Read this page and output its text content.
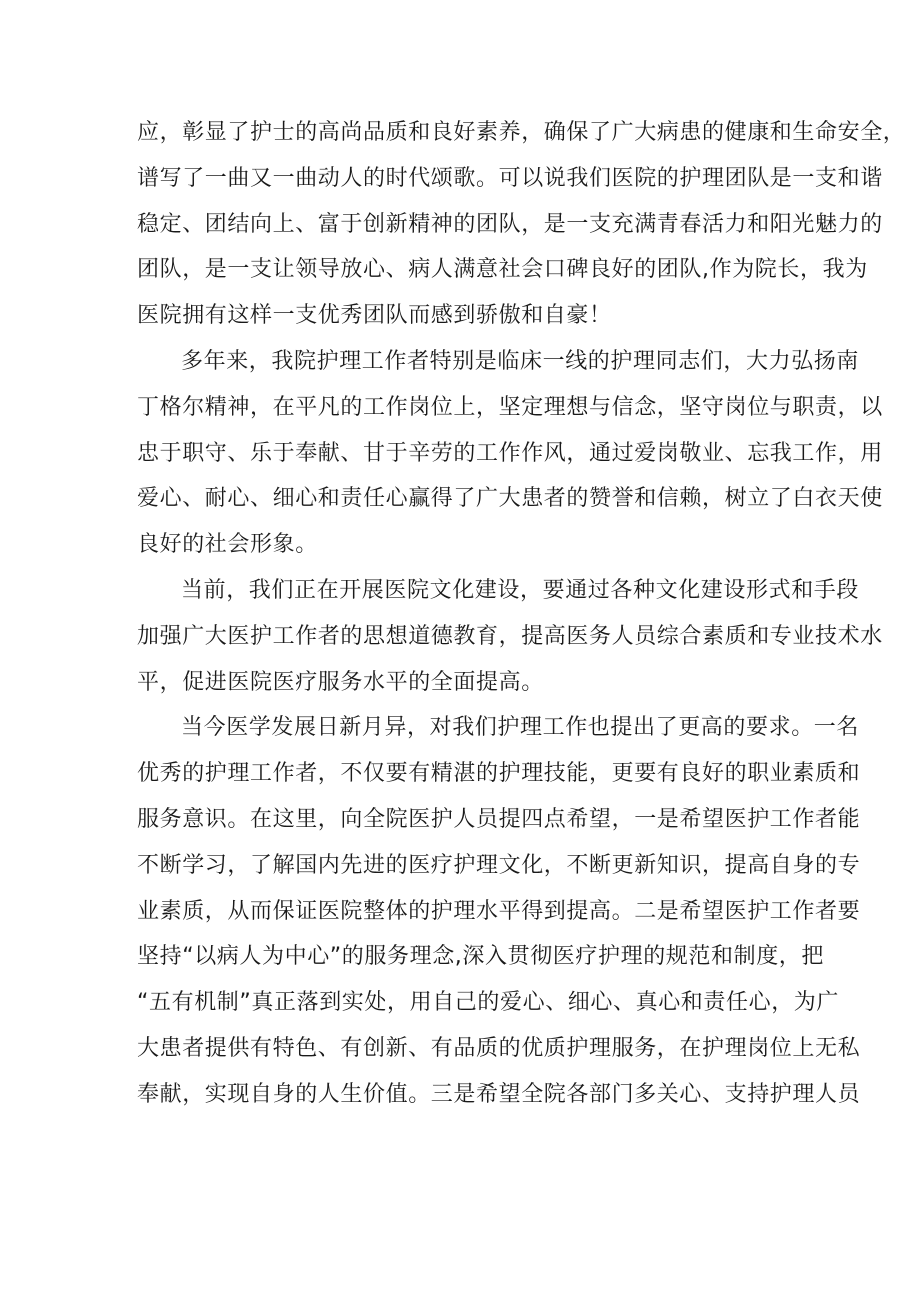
应，彰显了护士的高尚品质和良好素养，确保了广大病患的健康和生命安全，
谱写了一曲又一曲动人的时代颂歌。可以说我们医院的护理团队是一支和谐
稳定、团结向上、富于创新精神的团队，是一支充满青春活力和阳光魅力的
团队，是一支让领导放心、病人满意社会口碑良好的团队,作为院长，我为
医院拥有这样一支优秀团队而感到骄傲和自豪！
多年来，我院护理工作者特别是临床一线的护理同志们，大力弘扬南
丁格尔精神，在平凡的工作岗位上，坚定理想与信念，坚守岗位与职责，以
忠于职守、乐于奉献、甘于辛劳的工作作风，通过爱岗敬业、忘我工作，用
爱心、耐心、细心和责任心赢得了广大患者的赞誉和信赖，树立了白衣天使
良好的社会形象。
当前，我们正在开展医院文化建设，要通过各种文化建设形式和手段
加强广大医护工作者的思想道德教育，提高医务人员综合素质和专业技术水
平，促进医院医疗服务水平的全面提高。
当今医学发展日新月异，对我们护理工作也提出了更高的要求。一名
优秀的护理工作者，不仅要有精湛的护理技能，更要有良好的职业素质和
服务意识。在这里，向全院医护人员提四点希望，一是希望医护工作者能
不断学习，了解国内先进的医疗护理文化，不断更新知识，提高自身的专
业素质，从而保证医院整体的护理水平得到提高。二是希望医护工作者要
坚持“以病人为中心”的服务理念,深入贯彻医疗护理的规范和制度，把
“五有机制”真正落到实处，用自己的爱心、细心、真心和责任心，为广
大患者提供有特色、有创新、有品质的优质护理服务，在护理岗位上无私
奉献，实现自身的人生价值。三是希望全院各部门多关心、支持护理人员
